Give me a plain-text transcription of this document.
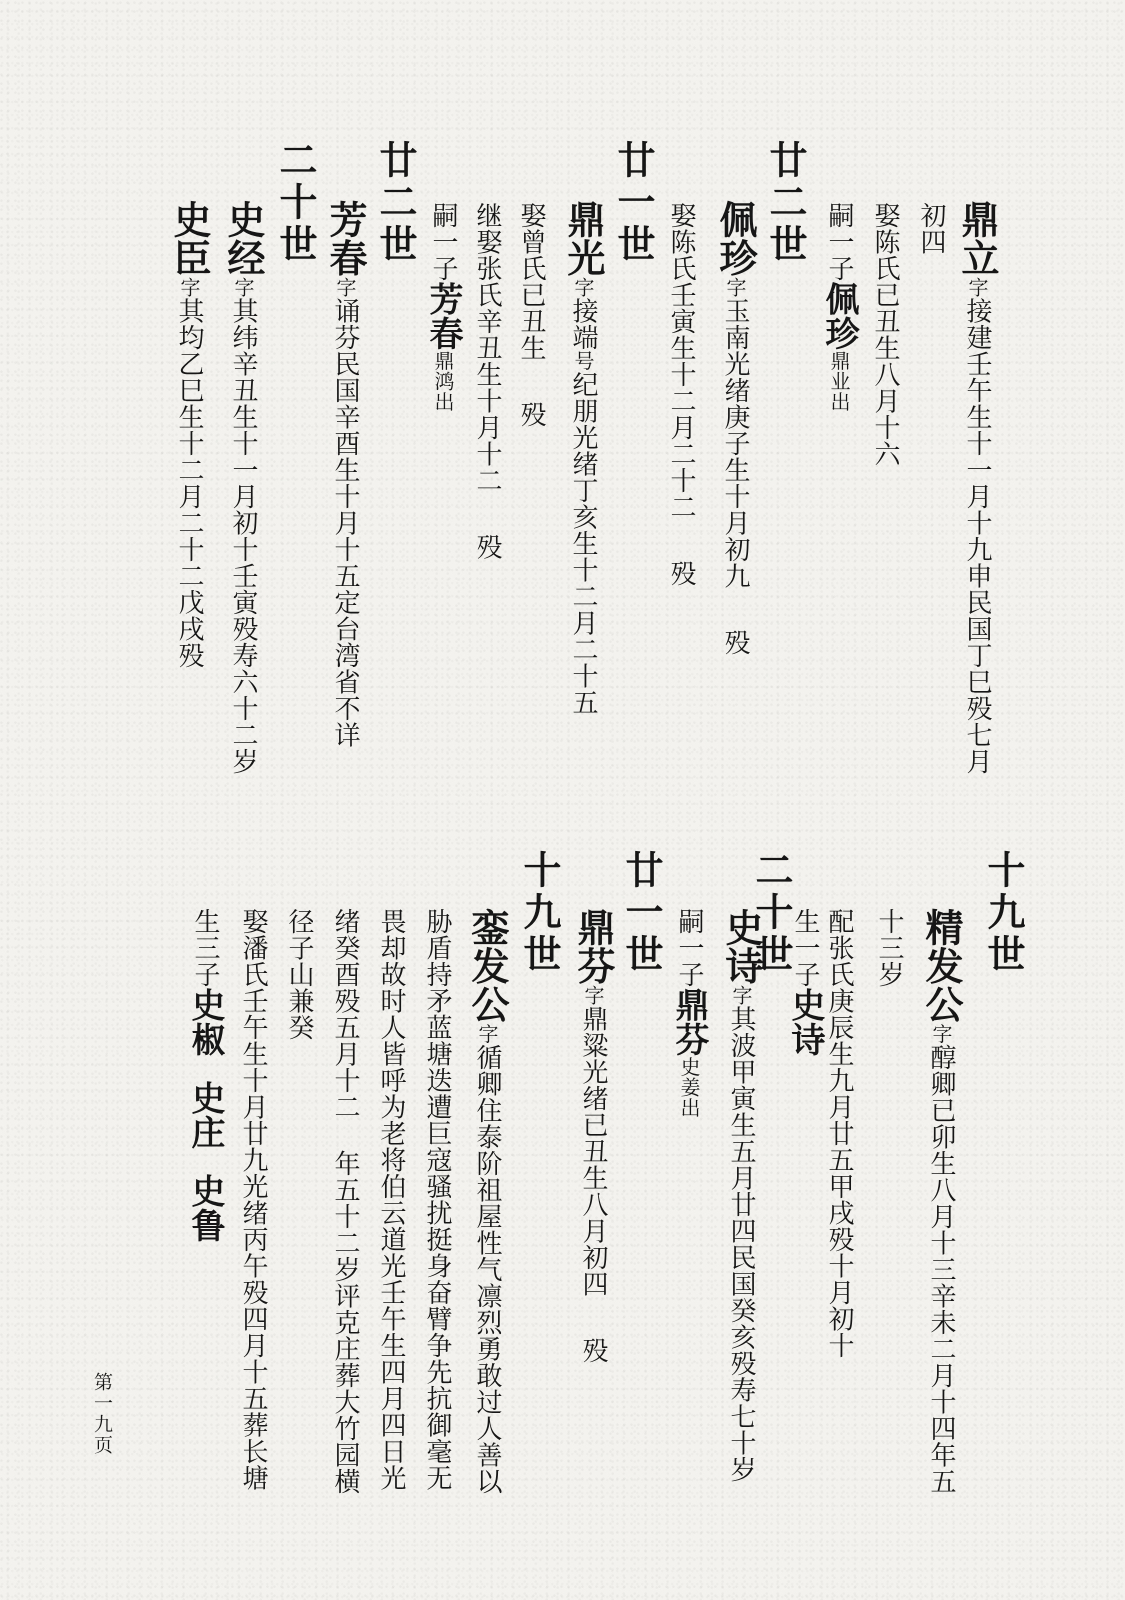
鼎立字接建壬午生十一月十九申民国丁巳殁七月
初四
娶陈氏已丑生八月十六
嗣一子佩珍鼎业出
廿二世
佩珍字玉南光绪庚子生十月初九殁
娶陈氏壬寅生十二月二十二殁
廿一世
鼎光字接端号纪朋光绪丁亥生十二月二十五
娶曾氏已丑生殁
继娶张氏辛丑生十月十二殁
嗣一子芳春鼎鸿出
廿二世
芳春字诵芬民国辛酉生十月十五定台湾省不详
二十世
史经字其纬辛丑生十一月初十壬寅殁寿六十二岁
史臣字其均乙巳生十二月二十二戊戌殁
十九世
十三岁 精发公字醇卿已卯生八月十三辛未二月十四年五
配张氏庚辰生九月廿五甲戌殁十月初十
生一子史诗
二十世
史诗字其波甲寅生五月廿四民国癸亥殁寿七十岁
嗣一子鼎芬史姜出
廿一世
鼎芬字鼎粱光绪已丑生八月初四殁
十九世
銮发公字循卿住泰阶祖屋性气凛烈勇敢过人善以
胁盾持矛蓝塘迭遭巨寇骚扰挺身奋臂争先抗御毫无
畏却故时人皆呼为老将伯云道光壬午生四月四日光
绪癸酉殁五月十二年五十二岁评克庄葬大竹园横
径子山兼癸
娶潘氏壬午生十月廿九光绪丙午殁四月十五葬长塘
生三子史椒史庄史鲁
第一九页
